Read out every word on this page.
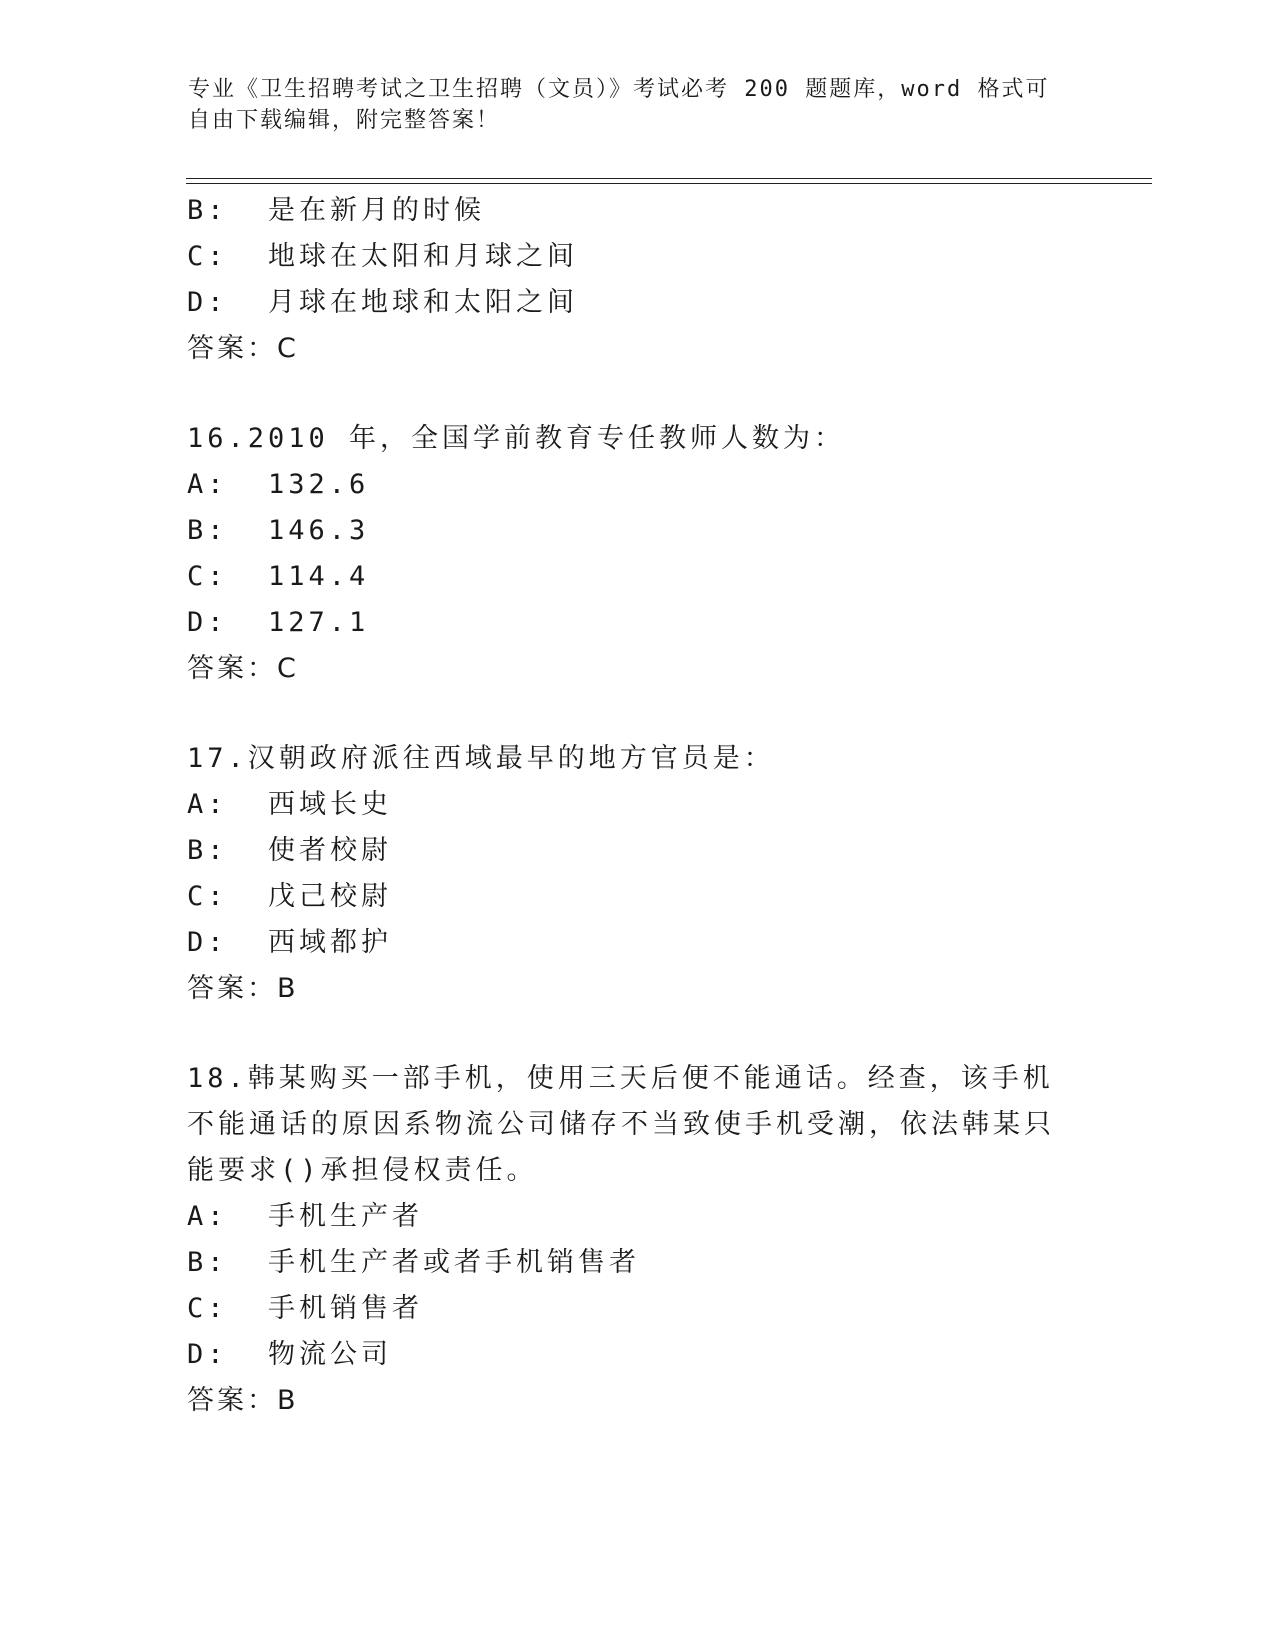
专业《卫生招聘考试之卫生招聘（文员）》考试必考 200 题题库，word 格式可自由下载编辑，附完整答案！

B:  是在新月的时候
C:  地球在太阳和月球之间
D:  月球在地球和太阳之间
答案：C
16.2010 年，全国学前教育专任教师人数为：
A:  132.6
B:  146.3
C:  114.4
D:  127.1
答案：C
17.汉朝政府派往西域最早的地方官员是：
A:  西域长史
B:  使者校尉
C:  戊己校尉
D:  西域都护
答案：B
18.韩某购买一部手机，使用三天后便不能通话。经查，该手机不能通话的原因系物流公司储存不当致使手机受潮，依法韩某只能要求()承担侵权责任。
A:  手机生产者
B:  手机生产者或者手机销售者
C:  手机销售者
D:  物流公司
答案：B
